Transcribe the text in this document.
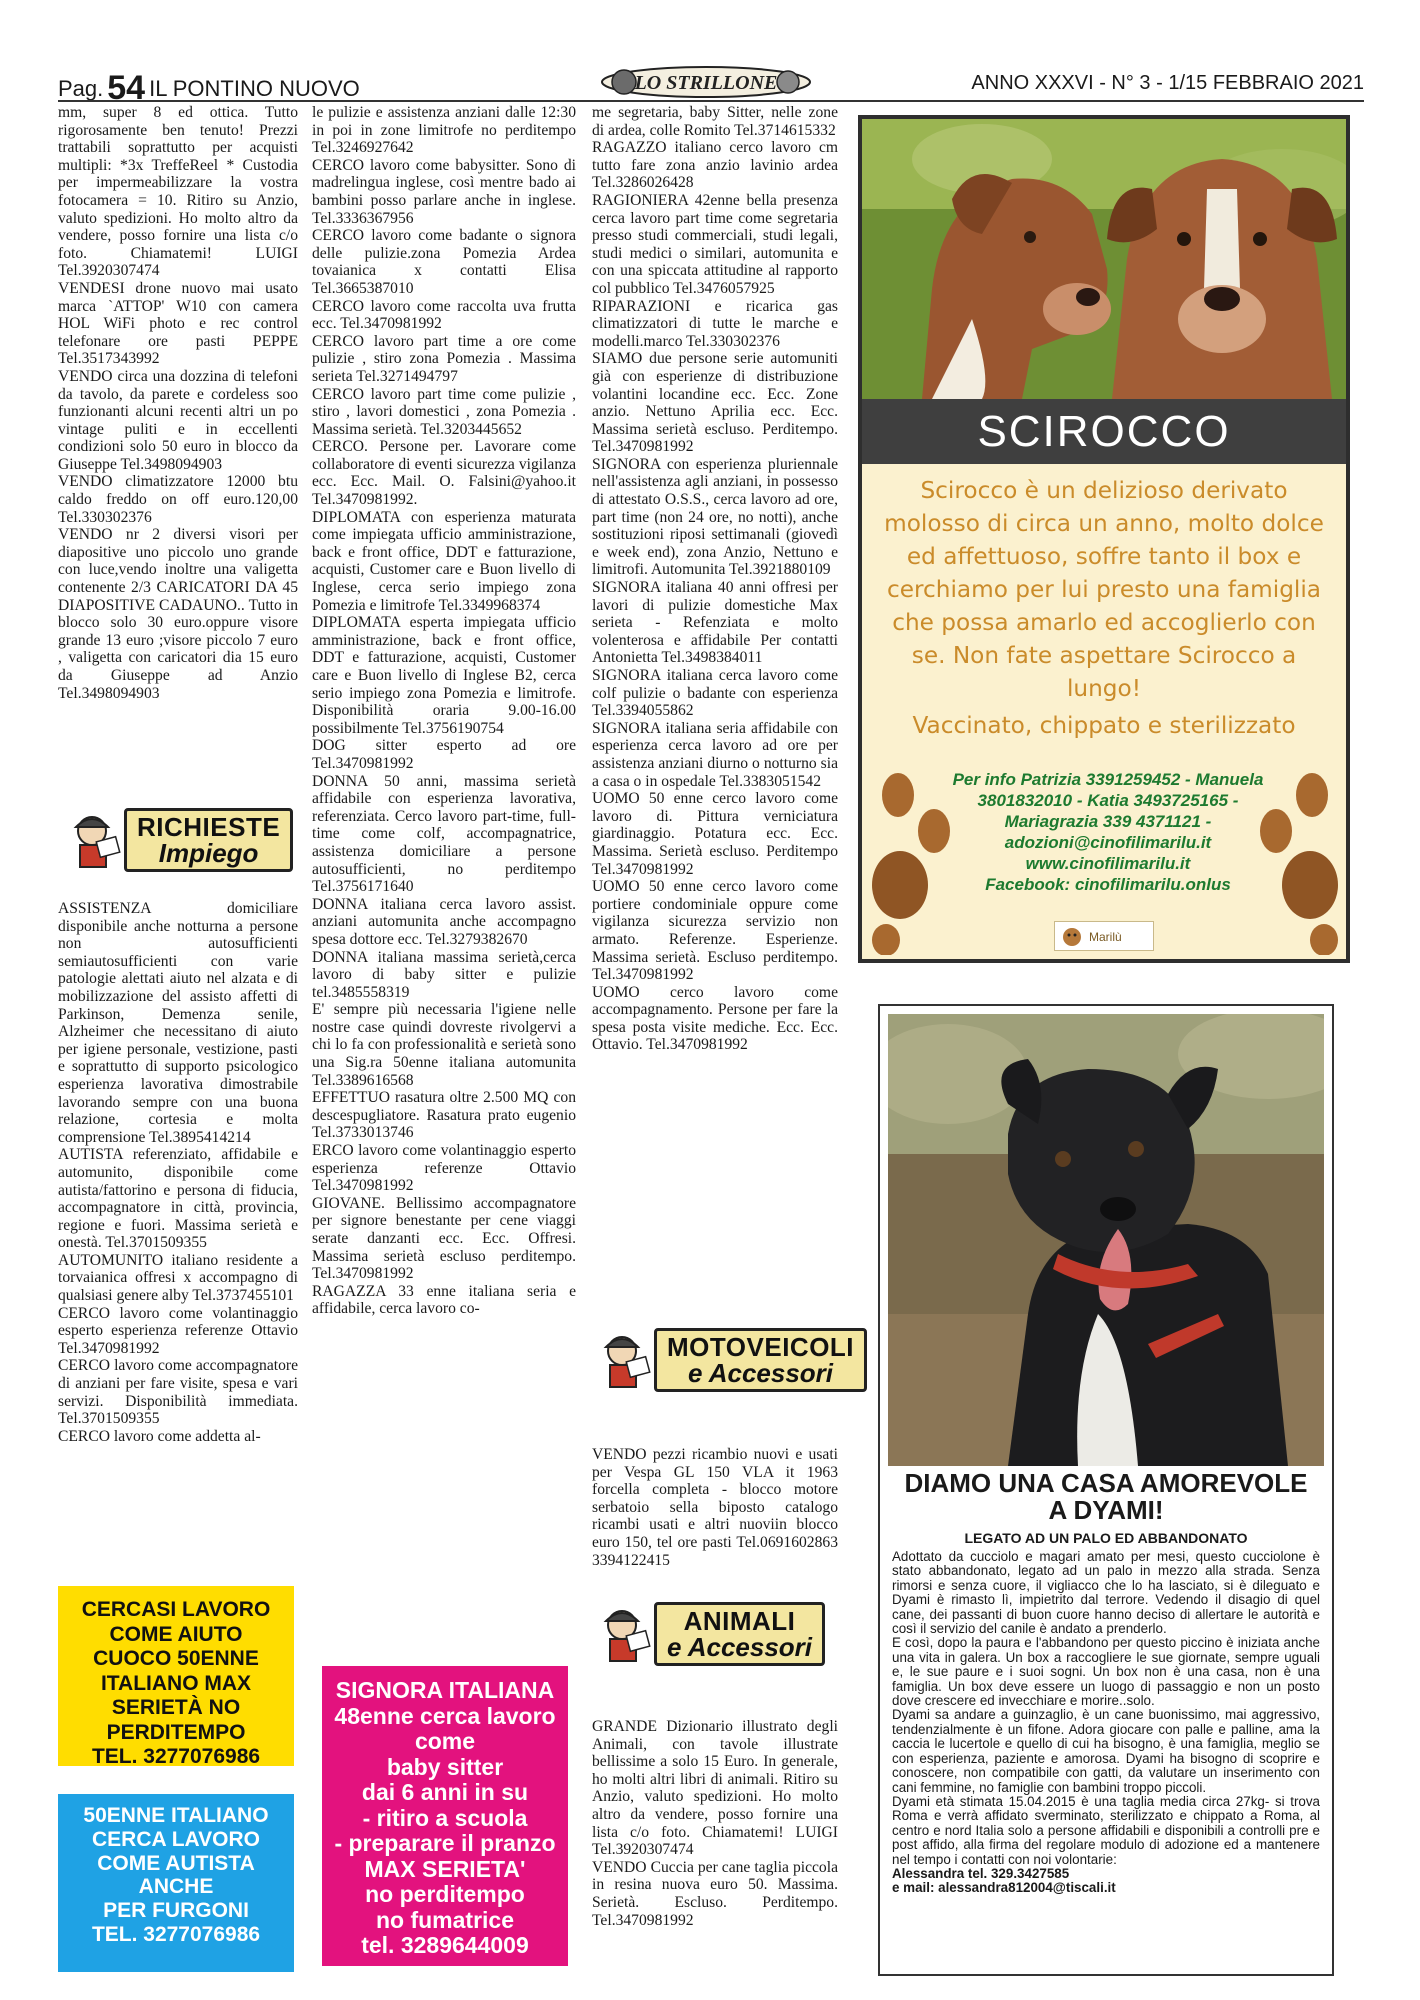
Pag. 54 IL PONTINO NUOVO	LO STRILLONE	ANNO XXXVI - N° 3 - 1/15 FEBBRAIO 2021

mm, super 8 ed ottica. Tutto rigorosamente ben tenuto! Prezzi trattabili soprattutto per acquisti multipli: *3x TreffeReel * Custodia per impermeabilizzare la vostra fotocamera = 10. Ritiro su Anzio, valuto spedizioni. Ho molto altro da vendere, posso fornire una lista c/o foto. Chiamatemi! LUIGI Tel.3920307474

VENDESI drone nuovo mai usato marca `ATTOP' W10 con camera HOL WiFi photo e rec control telefonare ore pasti PEPPE Tel.3517343992

VENDO circa una dozzina di telefoni da tavolo, da parete e cordeless soo funzionanti alcuni recenti altri un po vintage puliti e in eccellenti condizioni solo 50 euro in blocco da Giuseppe Tel.3498094903

VENDO climatizzatore 12000 btu caldo freddo on off euro.120,00 Tel.330302376

VENDO nr 2 diversi visori per diapositive uno piccolo uno grande con luce,vendo inoltre una valigetta contenente 2/3 CARICATORI DA 45 DIAPOSITIVE CADAUNO.. Tutto in blocco solo 30 euro.oppure visore grande 13 euro ;visore piccolo 7 euro , valigetta con caricatori dia 15 euro da Giuseppe ad Anzio Tel.3498094903

RICHIESTE
Impiego

ASSISTENZA domiciliare disponibile anche notturna a persone non autosufficienti semiautosufficienti con varie patologie alettati aiuto nel alzata e di mobilizzazione del assisto affetti di Parkinson, Demenza senile, Alzheimer che necessitano di aiuto per igiene personale, vestizione, pasti e soprattutto di supporto psicologico esperienza lavorativa dimostrabile lavorando sempre con una buona relazione, cortesia e molta comprensione Tel.3895414214

AUTISTA referenziato, affidabile e automunito, disponibile come autista/fattorino e persona di fiducia, accompagnatore in città, provincia, regione e fuori. Massima serietà e onestà. Tel.3701509355

AUTOMUNITO italiano residente a torvaianica offresi x accompagno di qualsiasi genere alby Tel.3737455101

CERCO lavoro come volantinaggio esperto esperienza referenze Ottavio Tel.3470981992

CERCO lavoro come accompagnatore di anziani per fare visite, spesa e vari servizi. Disponibilità immediata. Tel.3701509355

CERCO lavoro come addetta al-

CERCASI LAVORO
COME AIUTO
CUOCO 50ENNE
ITALIANO MAX
SERIETÀ NO
PERDITEMPO
TEL. 3277076986
50ENNE ITALIANO
CERCA LAVORO
COME AUTISTA
ANCHE
PER FURGONI
TEL. 3277076986

le pulizie e assistenza anziani dalle 12:30 in poi in zone limitrofe no perditempo Tel.3246927642

CERCO lavoro come babysitter. Sono di madrelingua inglese, così mentre bado ai bambini posso parlare anche in inglese. Tel.3336367956

CERCO lavoro come badante o signora delle pulizie.zona Pomezia Ardea tovaianica x contatti Elisa Tel.3665387010

CERCO lavoro come raccolta uva frutta ecc. Tel.3470981992

CERCO lavoro part time a ore come pulizie , stiro zona Pomezia . Massima serieta Tel.3271494797

CERCO lavoro part time come pulizie , stiro , lavori domestici , zona Pomezia . Massima serietà. Tel.3203445652

CERCO. Persone per. Lavorare come collaboratore di eventi sicurezza vigilanza ecc. Ecc. Mail. O. Falsini@yahoo.it Tel.3470981992.

DIPLOMATA con esperienza maturata come impiegata ufficio amministrazione, back e front office, DDT e fatturazione, acquisti, Customer care e Buon livello di Inglese, cerca serio impiego zona Pomezia e limitrofe Tel.3349968374

DIPLOMATA esperta impiegata ufficio amministrazione, back e front office, DDT e fatturazione, acquisti, Customer care e Buon livello di Inglese B2, cerca serio impiego zona Pomezia e limitrofe. Disponibilità oraria 9.00-16.00 possibilmente Tel.3756190754

DOG sitter esperto ad ore Tel.3470981992

DONNA 50 anni, massima serietà affidabile con esperienza lavorativa, referenziata. Cerco lavoro part-time, full-time come colf, accompagnatrice, assistenza domiciliare a persone autosufficienti, no perditempo Tel.3756171640

DONNA italiana cerca lavoro assist. anziani automunita anche accompagno spesa dottore ecc. Tel.3279382670

DONNA italiana massima serietà,cerca lavoro di baby sitter e pulizie tel.3485558319

E' sempre più necessaria l'igiene nelle nostre case quindi dovreste rivolgervi a chi lo fa con professionalità e serietà sono una Sig.ra 50enne italiana automunita Tel.3389616568

EFFETTUO rasatura oltre 2.500 MQ con descespugliatore. Rasatura prato eugenio Tel.3733013746

ERCO lavoro come volantinaggio esperto esperienza referenze Ottavio Tel.3470981992

GIOVANE. Bellissimo accompagnatore per signore benestante per cene viaggi serate danzanti ecc. Ecc. Offresi. Massima serietà escluso perditempo. Tel.3470981992

RAGAZZA 33 enne italiana seria e affidabile, cerca lavoro co-

SIGNORA ITALIANA
48enne cerca lavoro
come
baby sitter
dai 6 anni in su
- ritiro a scuola
- preparare il pranzo
MAX SERIETA'
no perditempo
no fumatrice
tel. 3289644009

me segretaria, baby Sitter, nelle zone di ardea, colle Romito Tel.3714615332

RAGAZZO italiano cerco lavoro cm tutto fare zona anzio lavinio ardea Tel.3286026428

RAGIONIERA 42enne bella presenza cerca lavoro part time come segretaria presso studi commerciali, studi legali, studi medici o similari, automunita e con una spiccata attitudine al rapporto col pubblico Tel.3476057925

RIPARAZIONI e ricarica gas climatizzatori di tutte le marche e modelli.marco Tel.330302376

SIAMO due persone serie automuniti già con esperienze di distribuzione volantini locandine ecc. Ecc. Zone anzio. Nettuno Aprilia ecc. Ecc. Massima serietà escluso. Perditempo. Tel.3470981992

SIGNORA con esperienza pluriennale nell'assistenza agli anziani, in possesso di attestato O.S.S., cerca lavoro ad ore, part time (non 24 ore, no notti), anche sostituzioni riposi settimanali (giovedì e week end), zona Anzio, Nettuno e limitrofi. Automunita Tel.3921880109

SIGNORA italiana 40 anni offresi per lavori di pulizie domestiche Max serieta - Refenziata e molto volenterosa e affidabile Per contatti Antonietta Tel.3498384011

SIGNORA italiana cerca lavoro come colf pulizie o badante con esperienza Tel.3394055862

SIGNORA italiana seria affidabile con esperienza cerca lavoro ad ore per assistenza anziani diurno o notturno sia a casa o in ospedale Tel.3383051542

UOMO 50 enne cerco lavoro come lavoro di. Pittura verniciatura giardinaggio. Potatura ecc. Ecc. Massima. Serietà escluso. Perditempo Tel.3470981992

UOMO 50 enne cerco lavoro come portiere condominiale oppure come vigilanza sicurezza servizio non armato. Referenze. Esperienze. Massima serietà. Escluso perditempo. Tel.3470981992

UOMO cerco lavoro come accompagnamento. Persone per fare la spesa posta visite mediche. Ecc. Ecc. Ottavio. Tel.3470981992

MOTOVEICOLI
e Accessori

VENDO pezzi ricambio nuovi e usati per Vespa GL 150 VLA it 1963 forcella completa - blocco motore serbatoio sella biposto catalogo ricambi usati e altri nuoviin blocco euro 150, tel ore pasti Tel.0691602863 3394122415

ANIMALI
e Accessori

GRANDE Dizionario illustrato degli Animali, con tavole illustrate bellissime a solo 15 Euro. In generale, ho molti altri libri di animali. Ritiro su Anzio, valuto spedizioni. Ho molto altro da vendere, posso fornire una lista c/o foto. Chiamatemi! LUIGI Tel.3920307474

VENDO Cuccia per cane taglia piccola in resina nuova euro 50. Massima. Serietà. Escluso. Perditempo. Tel.3470981992

SCIROCCO
Scirocco è un delizioso derivato molosso di circa un anno, molto dolce ed affettuoso, soffre tanto il box e cerchiamo per lui presto una famiglia che possa amarlo ed accoglierlo con se. Non fate aspettare Scirocco a lungo!
Vaccinato, chippato e sterilizzato
Per info Patrizia 3391259452 - Manuela
3801832010 - Katia 3493725165 -
Mariagrazia 339 4371121 -
adozioni@cinofilimarilu.it
www.cinofilimarilu.it
Facebook: cinofilimarilu.onlus
Marilù
DIAMO UNA CASA AMOREVOLE
A DYAMI!
LEGATO AD UN PALO ED ABBANDONATO

Adottato da cucciolo e magari amato per mesi, questo cucciolone è stato abbandonato, legato ad un palo in mezzo alla strada. Senza rimorsi e senza cuore, il vigliacco che lo ha lasciato, si è dileguato e Dyami è rimasto lì, impietrito dal terrore. Vedendo il disagio di quel cane, dei passanti di buon cuore hanno deciso di allertare le autorità e così il servizio del canile è andato a prenderlo.

E così, dopo la paura e l'abbandono per questo piccino è iniziata anche una vita in galera. Un box a raccogliere le sue giornate, sempre uguali e, le sue paure e i suoi sogni. Un box non è una casa, non è una famiglia. Un box deve essere un luogo di passaggio e non un posto dove crescere ed invecchiare e morire..solo.

Dyami sa andare a guinzaglio, è un cane buonissimo, mai aggressivo, tendenzialmente è un fifone. Adora giocare con palle e palline, ama la caccia le lucertole e quello di cui ha bisogno, è una famiglia, meglio se con esperienza, paziente e amorosa. Dyami ha bisogno di scoprire e conoscere, non compatibile con gatti, da valutare un inserimento con cani femmine, no famiglie con bambini troppo piccoli.

Dyami età stimata 15.04.2015 è una taglia media circa 27kg- si trova Roma e verrà affidato sverminato, sterilizzato e chippato a Roma, al centro e nord Italia solo a persone affidabili e disponibili a controlli pre e post affido, alla firma del regolare modulo di adozione ed a mantenere nel tempo i contatti con noi volontarie:

Alessandra tel. 329.3427585

e mail: alessandra812004@tiscali.it
